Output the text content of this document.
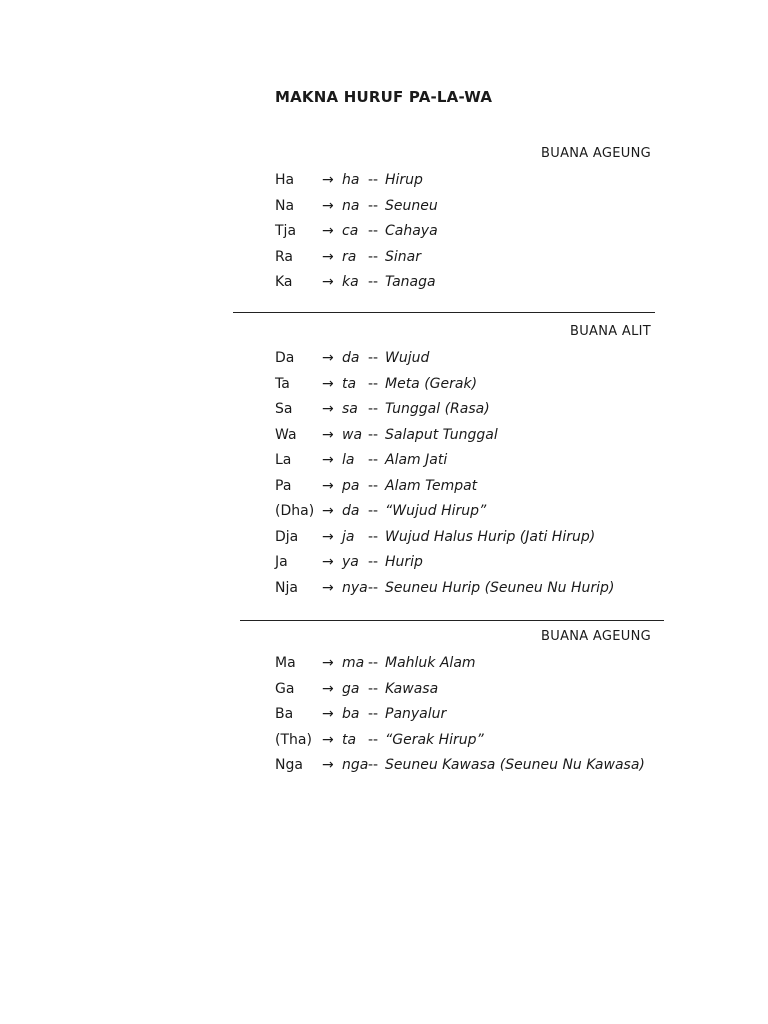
MAKNA HURUF PA-LA-WA
BUANA AGEUNG
Ha → ha -- Hirup
Na → na -- Seuneu
Tja → ca -- Cahaya
Ra → ra -- Sinar
Ka → ka -- Tanaga
BUANA ALIT
Da → da -- Wujud
Ta → ta -- Meta (Gerak)
Sa → sa -- Tunggal (Rasa)
Wa → wa -- Salaput Tunggal
La → la -- Alam Jati
Pa → pa -- Alam Tempat
(Dha) → da -- “Wujud Hirup”
Dja → ja -- Wujud Halus Hurip (Jati Hirup)
Ja → ya -- Hurip
Nja → nya -- Seuneu Hurip (Seuneu Nu Hurip)
BUANA AGEUNG
Ma → ma -- Mahluk Alam
Ga → ga -- Kawasa
Ba → ba -- Panyalur
(Tha) → ta -- “Gerak Hirup”
Nga → nga -- Seuneu Kawasa (Seuneu Nu Kawasa)
